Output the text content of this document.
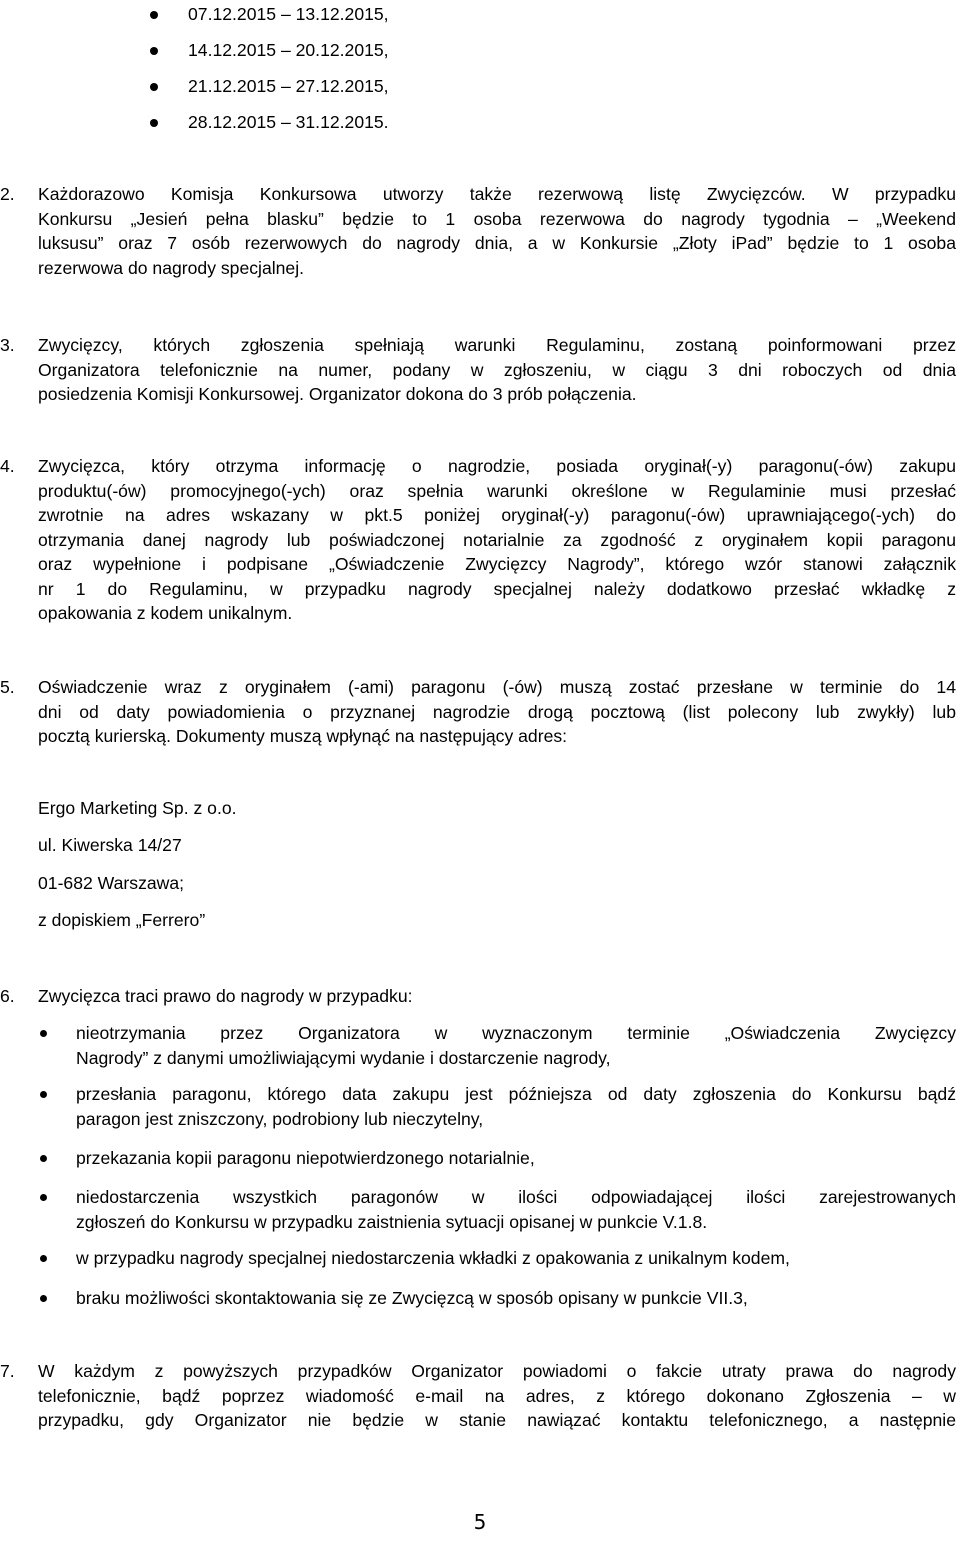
07.12.2015 – 13.12.2015,
14.12.2015 – 20.12.2015,
21.12.2015 – 27.12.2015,
28.12.2015 – 31.12.2015.
2.	Każdorazowo Komisja Konkursowa utworzy także rezerwową listę Zwycięzców. W przypadku
Konkursu „Jesień pełna blasku” będzie to 1 osoba rezerwowa do nagrody tygodnia – „Weekend
luksusu” oraz 7 osób rezerwowych do nagrody dnia, a w Konkursie „Złoty iPad” będzie to 1 osoba
rezerwowa do nagrody specjalnej.
3.	Zwycięzcy, których zgłoszenia spełniają warunki Regulaminu, zostaną poinformowani przez
Organizatora telefonicznie na numer, podany w zgłoszeniu, w ciągu 3 dni roboczych od dnia
posiedzenia Komisji Konkursowej. Organizator dokona do 3 prób połączenia.
4.	Zwycięzca, który otrzyma informację o nagrodzie, posiada oryginał(-y) paragonu(-ów) zakupu
produktu(-ów) promocyjnego(-ych) oraz spełnia warunki określone w Regulaminie musi przesłać
zwrotnie na adres wskazany w pkt.5 poniżej oryginał(-y) paragonu(-ów) uprawniającego(-ych) do
otrzymania danej nagrody lub poświadczonej notarialnie za zgodność z oryginałem kopii paragonu
oraz wypełnione i podpisane „Oświadczenie Zwycięzcy Nagrody”, którego wzór stanowi załącznik
nr 1 do Regulaminu, w przypadku nagrody specjalnej należy dodatkowo przesłać wkładkę z
opakowania z kodem unikalnym.
5.	Oświadczenie wraz z oryginałem (-ami) paragonu (-ów) muszą zostać przesłane w terminie do 14
dni od daty powiadomienia o przyznanej nagrodzie drogą pocztową (list polecony lub zwykły) lub
pocztą kurierską. Dokumenty muszą wpłynąć na następujący adres:
Ergo Marketing Sp. z o.o.
ul. Kiwerska 14/27
01-682 Warszawa;
z dopiskiem „Ferrero”
6.	Zwycięzca traci prawo do nagrody w przypadku:
nieotrzymania przez Organizatora w wyznaczonym terminie „Oświadczenia Zwycięzcy
Nagrody” z danymi umożliwiającymi wydanie i dostarczenie nagrody,
przesłania paragonu, którego data zakupu jest późniejsza od daty zgłoszenia do Konkursu bądź
paragon jest zniszczony, podrobiony lub nieczytelny,
przekazania kopii paragonu niepotwierdzonego notarialnie,
niedostarczenia wszystkich paragonów w ilości odpowiadającej ilości zarejestrowanych
zgłoszeń do Konkursu w przypadku zaistnienia sytuacji opisanej w punkcie V.1.8.
w przypadku nagrody specjalnej niedostarczenia wkładki z opakowania z unikalnym kodem,
braku możliwości skontaktowania się ze Zwycięzcą w sposób opisany w punkcie VII.3,
7.	W każdym z powyższych przypadków Organizator powiadomi o fakcie utraty prawa do nagrody
telefonicznie, bądź poprzez wiadomość e-mail na adres, z którego dokonano Zgłoszenia – w
przypadku, gdy Organizator nie będzie w stanie nawiązać kontaktu telefonicznego, a następnie
5
